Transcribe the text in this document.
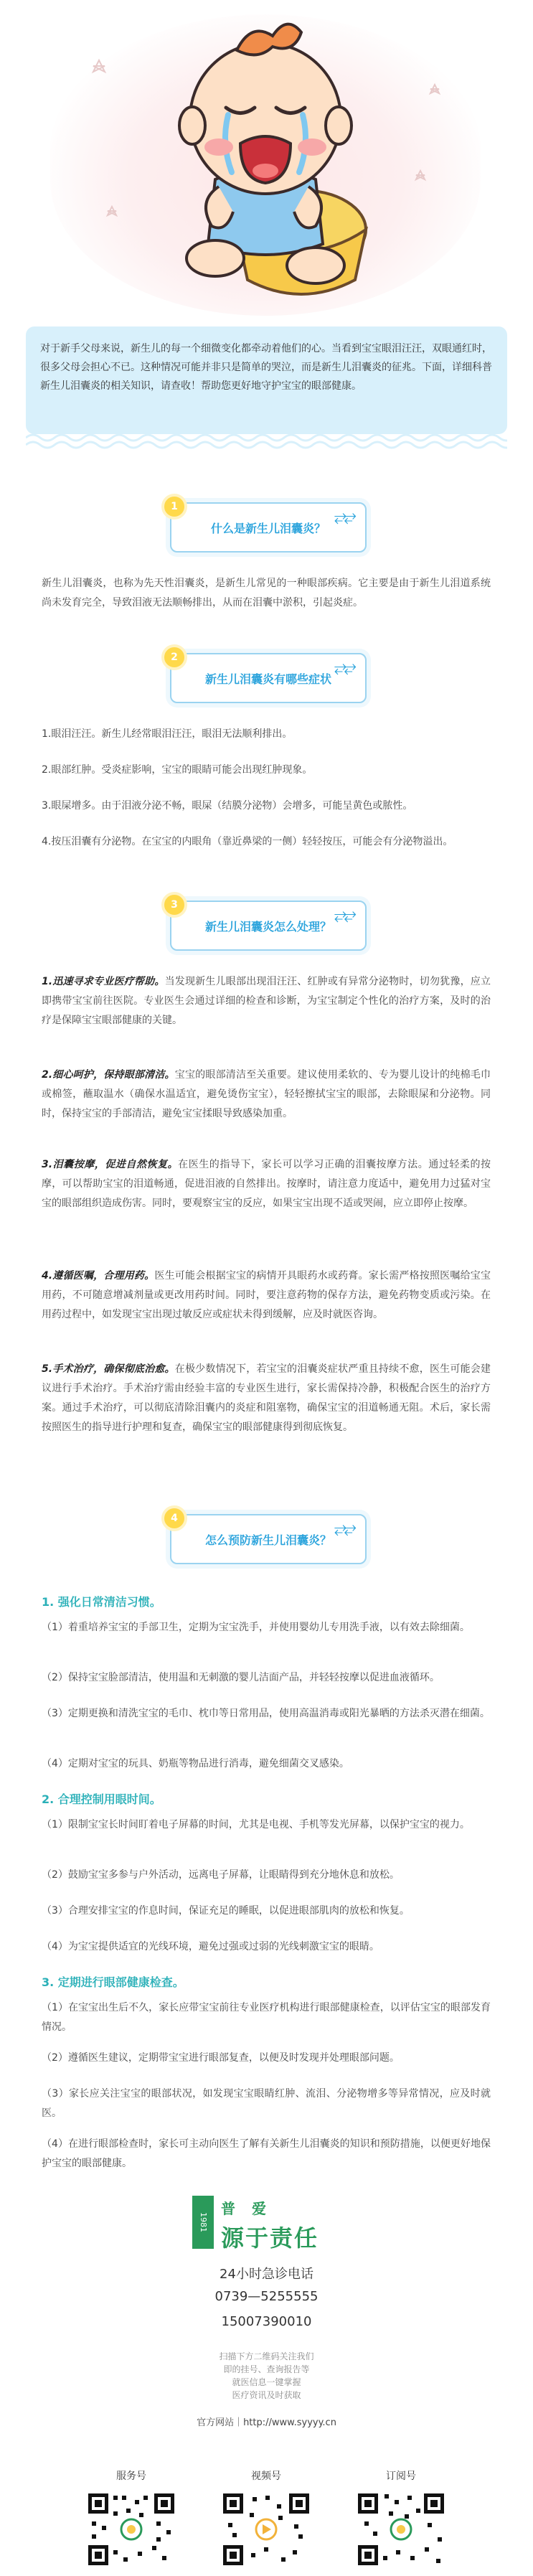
对于新手父母来说，新生儿的每一个细微变化都牵动着他们的心。当看到宝宝眼泪汪汪，双眼通红时，很多父母会担心不已。这种情况可能并非只是简单的哭泣，而是新生儿泪囊炎的征兆。下面，详细科普新生儿泪囊炎的相关知识，请查收！帮助您更好地守护宝宝的眼部健康。

1
⥂⥂
什么是新生儿泪囊炎？

新生儿泪囊炎，也称为先天性泪囊炎，是新生儿常见的一种眼部疾病。它主要是由于新生儿泪道系统尚未发育完全，导致泪液无法顺畅排出，从而在泪囊中淤积，引起炎症。

2
⥂⥂
新生儿泪囊炎有哪些症状

1.眼泪汪汪。新生儿经常眼泪汪汪，眼泪无法顺利排出。

2.眼部红肿。受炎症影响，宝宝的眼睛可能会出现红肿现象。

3.眼屎增多。由于泪液分泌不畅，眼屎（结膜分泌物）会增多，可能呈黄色或脓性。

4.按压泪囊有分泌物。在宝宝的内眼角（靠近鼻梁的一侧）轻轻按压，可能会有分泌物溢出。

3
⥂⥂
新生儿泪囊炎怎么处理？

1.迅速寻求专业医疗帮助。当发现新生儿眼部出现泪汪汪、红肿或有异常分泌物时，切勿犹豫，应立即携带宝宝前往医院。专业医生会通过详细的检查和诊断，为宝宝制定个性化的治疗方案，及时的治疗是保障宝宝眼部健康的关键。

2.细心呵护，保持眼部清洁。宝宝的眼部清洁至关重要。建议使用柔软的、专为婴儿设计的纯棉毛巾或棉签，蘸取温水（确保水温适宜，避免烫伤宝宝），轻轻擦拭宝宝的眼部，去除眼屎和分泌物。同时，保持宝宝的手部清洁，避免宝宝揉眼导致感染加重。

3.泪囊按摩，促进自然恢复。在医生的指导下，家长可以学习正确的泪囊按摩方法。通过轻柔的按摩，可以帮助宝宝的泪道畅通，促进泪液的自然排出。按摩时，请注意力度适中，避免用力过猛对宝宝的眼部组织造成伤害。同时，要观察宝宝的反应，如果宝宝出现不适或哭闹，应立即停止按摩。

4.遵循医嘱，合理用药。医生可能会根据宝宝的病情开具眼药水或药膏。家长需严格按照医嘱给宝宝用药，不可随意增减剂量或更改用药时间。同时，要注意药物的保存方法，避免药物变质或污染。在用药过程中，如发现宝宝出现过敏反应或症状未得到缓解，应及时就医咨询。

5.手术治疗，确保彻底治愈。在极少数情况下，若宝宝的泪囊炎症状严重且持续不愈，医生可能会建议进行手术治疗。手术治疗需由经验丰富的专业医生进行，家长需保持冷静，积极配合医生的治疗方案。通过手术治疗，可以彻底清除泪囊内的炎症和阻塞物，确保宝宝的泪道畅通无阻。术后，家长需按照医生的指导进行护理和复查，确保宝宝的眼部健康得到彻底恢复。

4
⥂⥂
怎么预防新生儿泪囊炎？

1. 强化日常清洁习惯。

（1）着重培养宝宝的手部卫生，定期为宝宝洗手，并使用婴幼儿专用洗手液，以有效去除细菌。

（2）保持宝宝脸部清洁，使用温和无刺激的婴儿洁面产品，并轻轻按摩以促进血液循环。

（3）定期更换和清洗宝宝的毛巾、枕巾等日常用品，使用高温消毒或阳光暴晒的方法杀灭潜在细菌。

（4）定期对宝宝的玩具、奶瓶等物品进行消毒，避免细菌交叉感染。

2. 合理控制用眼时间。

（1）限制宝宝长时间盯着电子屏幕的时间，尤其是电视、手机等发光屏幕，以保护宝宝的视力。

（2）鼓励宝宝多参与户外活动，远离电子屏幕，让眼睛得到充分地休息和放松。

（3）合理安排宝宝的作息时间，保证充足的睡眠，以促进眼部肌肉的放松和恢复。

（4）为宝宝提供适宜的光线环境，避免过强或过弱的光线刺激宝宝的眼睛。

3. 定期进行眼部健康检查。

（1）在宝宝出生后不久，家长应带宝宝前往专业医疗机构进行眼部健康检查，以评估宝宝的眼部发育情况。

（2）遵循医生建议，定期带宝宝进行眼部复查，以便及时发现并处理眼部问题。

（3）家长应关注宝宝的眼部状况，如发现宝宝眼睛红肿、流泪、分泌物增多等异常情况，应及时就医。

（4）在进行眼部检查时，家长可主动向医生了解有关新生儿泪囊炎的知识和预防措施，以便更好地保护宝宝的眼部健康。

1981
普 爱
源于责任

24小时急诊电话

0739—5255555

15007390010

扫描下方二维码关注我们

即的挂号、查询报告等

就医信息一键掌握

医疗资讯及时获取

官方网站｜http://www.syyyy.cn

服务号	视频号	订阅号
